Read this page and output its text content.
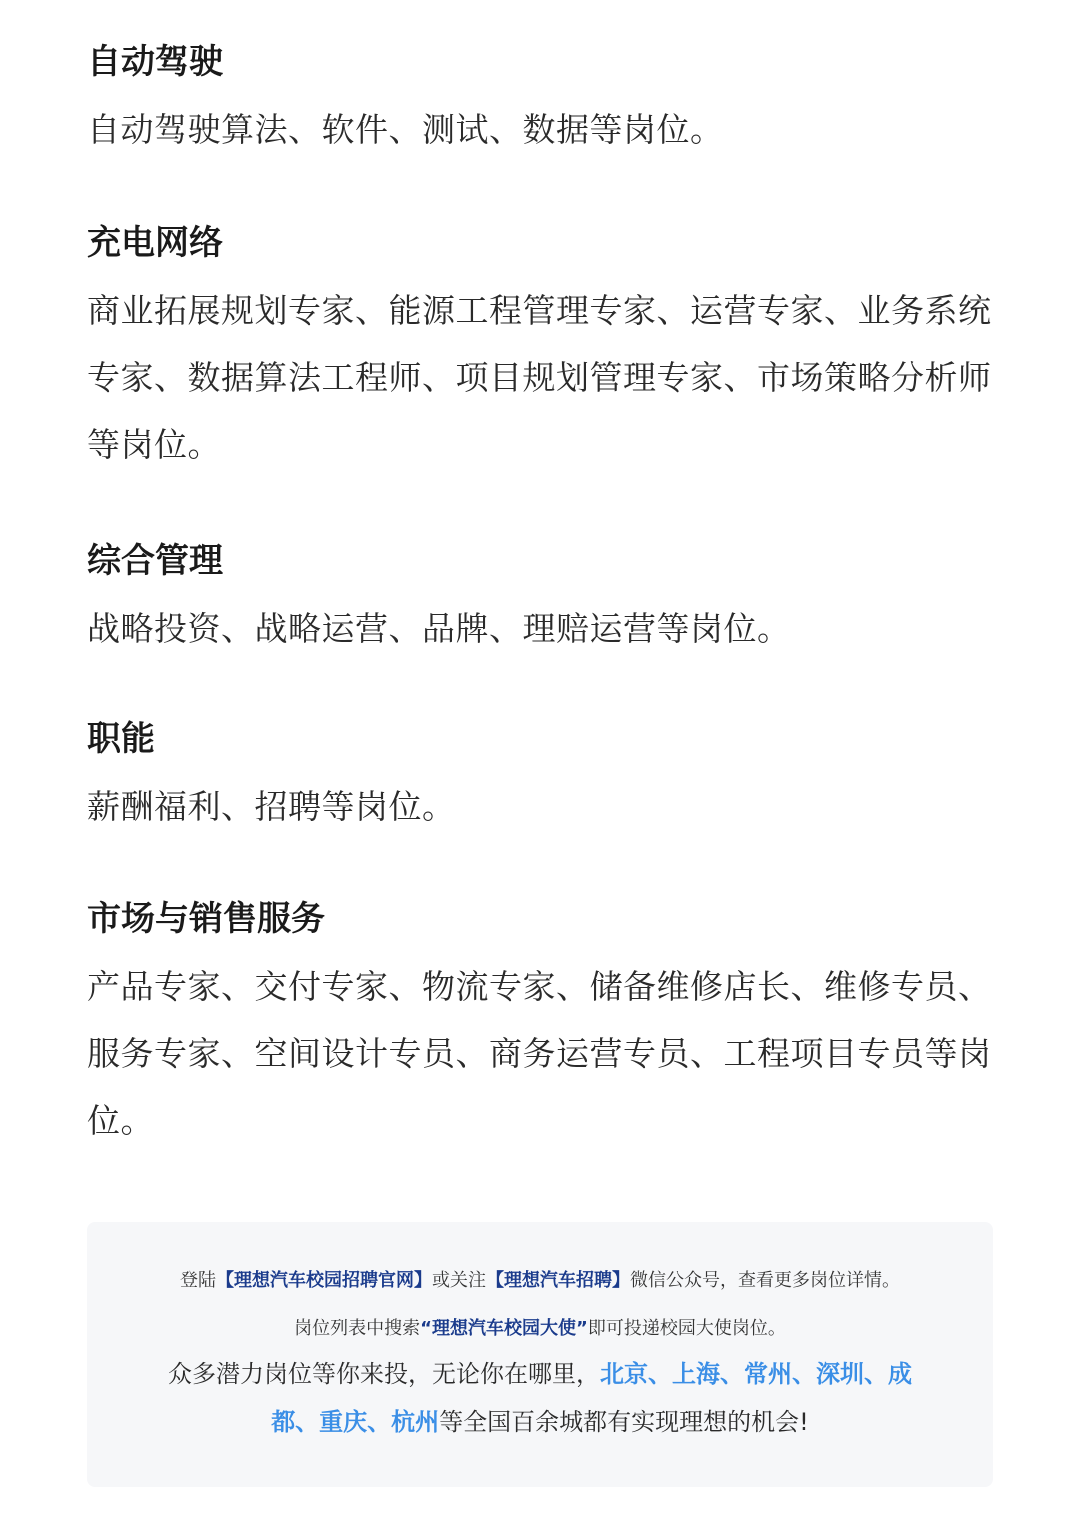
自动驾驶

自动驾驶算法、软件、测试、数据等岗位。

充电网络

商业拓展规划专家、能源工程管理专家、运营专家、业务系统专家、数据算法工程师、项目规划管理专家、市场策略分析师等岗位。

综合管理

战略投资、战略运营、品牌、理赔运营等岗位。

职能

薪酬福利、招聘等岗位。

市场与销售服务

产品专家、交付专家、物流专家、储备维修店长、维修专员、服务专家、空间设计专员、商务运营专员、工程项目专员等岗位。

登陆【理想汽车校园招聘官网】或关注【理想汽车招聘】微信公众号，查看更多岗位详情。
岗位列表中搜索“理想汽车校园大使”即可投递校园大使岗位。
众多潜力岗位等你来投，无论你在哪里，北京、上海、常州、深圳、成都、重庆、杭州等全国百余城都有实现理想的机会!
